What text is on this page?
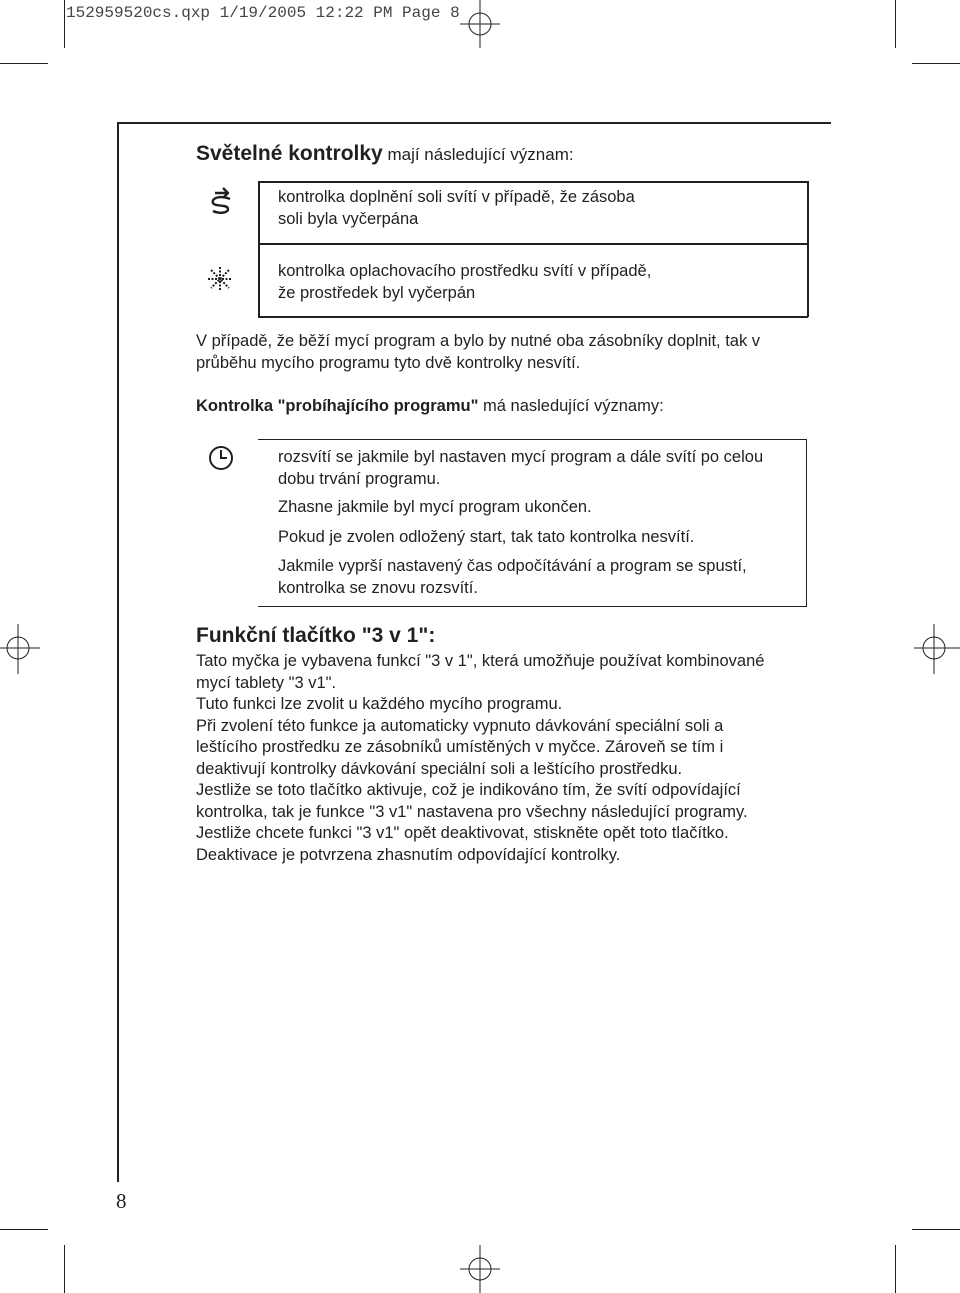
152959520cs.qxp 1/19/2005 12:22 PM Page 8
Světelné kontrolky mají následující význam:
kontrolka doplnění soli svítí v případě, že zásoba
soli byla vyčerpána
kontrolka oplachovacího prostředku svítí v případě,
že prostředek byl vyčerpán
V případě, že běží mycí program a bylo by nutné oba zásobníky doplnit, tak v
průběhu mycího programu tyto dvě kontrolky nesvítí.
Kontrolka "probíhajícího programu" má nasledující významy:
rozsvítí se jakmile byl nastaven mycí program a dále svítí po celou
dobu trvání programu.
Zhasne jakmile byl mycí program ukončen.
Pokud je zvolen odložený start, tak tato kontrolka nesvítí.
Jakmile vyprší nastavený čas odpočítávání a program se spustí,
kontrolka se znovu rozsvítí.
Funkční tlačítko "3 v 1":
Tato myčka je vybavena funkcí "3 v 1", která umožňuje používat kombinované
mycí tablety "3 v1".
Tuto funkci lze zvolit u každého mycího programu.
Při zvolení této funkce ja automaticky vypnuto dávkování speciální soli a
leštícího prostředku ze zásobníků umístěných v myčce. Zároveň se tím i
deaktivují kontrolky dávkování speciální soli a leštícího prostředku.
Jestliže se toto tlačítko aktivuje, což je indikováno tím, že svítí odpovídající
kontrolka, tak je funkce "3 v1" nastavena pro všechny následující programy.
Jestliže chcete funkci "3 v1" opět deaktivovat, stiskněte opět toto tlačítko.
Deaktivace je potvrzena zhasnutím odpovídající kontrolky.
8
